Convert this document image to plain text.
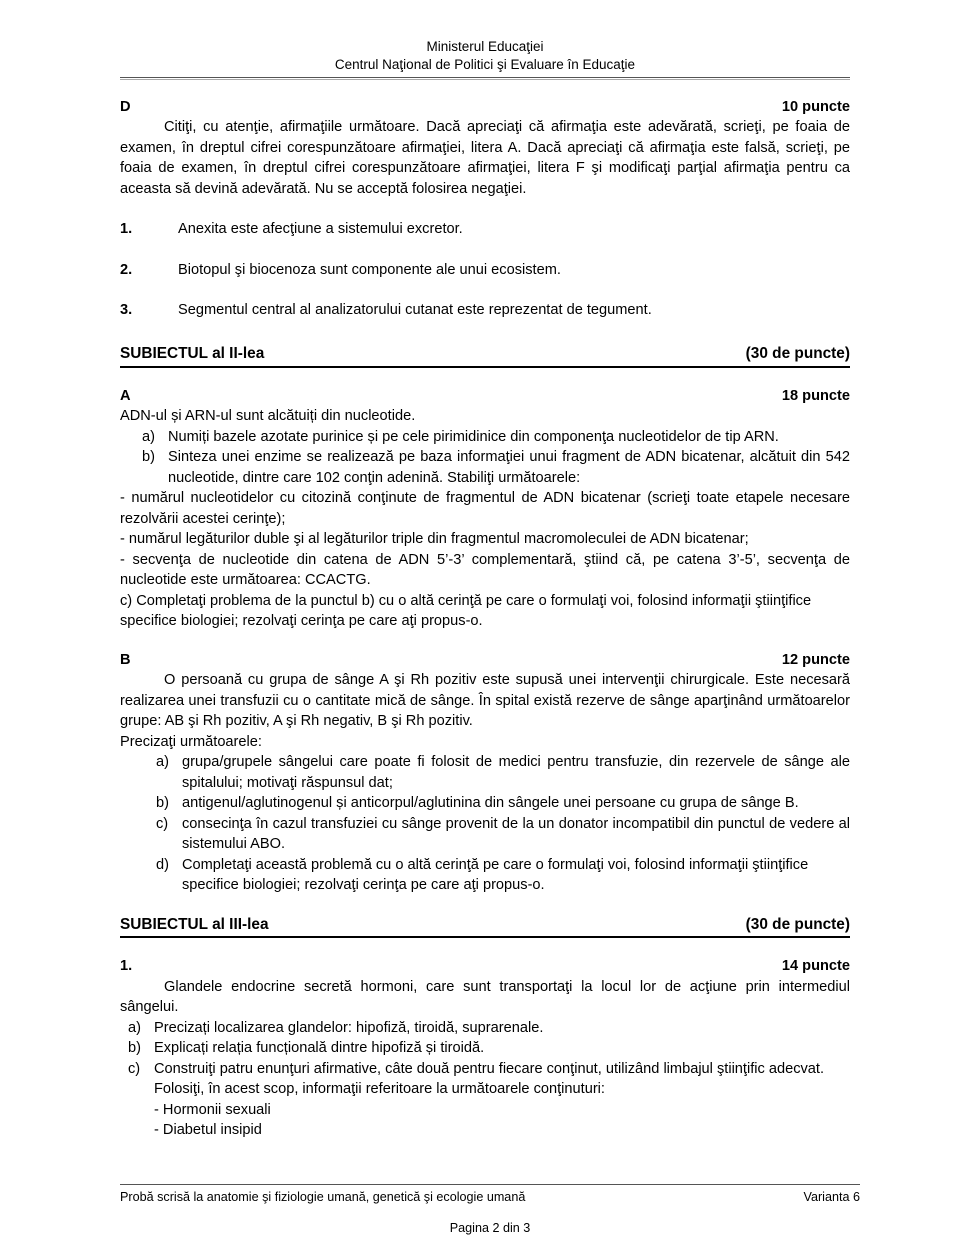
Ministerul Educaţiei
Centrul Naţional de Politici şi Evaluare în Educaţie
D	10 puncte

Citiţi, cu atenţie, afirmaţiile următoare. Dacă apreciaţi că afirmaţia este adevărată, scrieţi, pe foaia de examen, în dreptul cifrei corespunzătoare afirmaţiei, litera A. Dacă apreciaţi că afirmaţia este falsă, scrieţi, pe foaia de examen, în dreptul cifrei corespunzătoare afirmaţiei, litera F şi modificaţi parţial afirmaţia pentru ca aceasta să devină adevărată. Nu se acceptă folosirea negaţiei.

1.	Anexita este afecţiune a sistemului excretor.
2.	Biotopul şi biocenoza sunt componente ale unui ecosistem.
3.	Segmentul central al analizatorului cutanat este reprezentat de tegument.
SUBIECTUL al II-lea	(30 de puncte)
A	18 puncte

ADN-ul și ARN-ul sunt alcătuiți din nucleotide.

a) Numiți bazele azotate purinice și pe cele pirimidinice din componenţa nucleotidelor de tip ARN.
b) Sinteza unei enzime se realizează pe baza informaţiei unui fragment de ADN bicatenar, alcătuit din 542 nucleotide, dintre care 102 conţin adenină. Stabiliţi următoarele:

- numărul nucleotidelor cu citozină conţinute de fragmentul de ADN bicatenar (scrieţi toate etapele necesare rezolvării acestei cerinţe);

- numărul legăturilor duble şi al legăturilor triple din fragmentul macromoleculei de ADN bicatenar;

- secvenţa de nucleotide din catena de ADN 5’-3’ complementară, ştiind că, pe catena 3’-5’, secvenţa de nucleotide este următoarea: CCACTG.

c) Completaţi problema de la punctul b) cu o altă cerinţă pe care o formulaţi voi, folosind informaţii ştiinţifice specifice biologiei; rezolvaţi cerinţa pe care aţi propus-o.

B	12 puncte

O persoană cu grupa de sânge A şi Rh pozitiv este supusă unei intervenţii chirurgicale. Este necesară realizarea unei transfuzii cu o cantitate mică de sânge. În spital există rezerve de sânge aparţinând următoarelor grupe: AB şi Rh pozitiv, A şi Rh negativ, B şi Rh pozitiv.

Precizaţi următoarele:

a) grupa/grupele sângelui care poate fi folosit de medici pentru transfuzie, din rezervele de sânge ale spitalului; motivaţi răspunsul dat;
b) antigenul/aglutinogenul și anticorpul/aglutinina din sângele unei persoane cu grupa de sânge B.
c) consecinţa în cazul transfuziei cu sânge provenit de la un donator incompatibil din punctul de vedere al sistemului ABO.
d) Completaţi această problemă cu o altă cerinţă pe care o formulaţi voi, folosind informaţii ştiinţifice specifice biologiei; rezolvaţi cerinţa pe care aţi propus-o.
SUBIECTUL al III-lea	(30 de puncte)
1.	14 puncte

Glandele endocrine secretă hormoni, care sunt transportaţi la locul lor de acţiune prin intermediul sângelui.

a) Precizați localizarea glandelor: hipofiză, tiroidă, suprarenale.
b) Explicați relația funcțională dintre hipofiză și tiroidă.
c) Construiţi patru enunţuri afirmative, câte două pentru fiecare conţinut, utilizând limbajul ştiinţific adecvat.

Folosiţi, în acest scop, informaţii referitoare la următoarele conţinuturi:

- Hormonii sexuali

- Diabetul insipid

Probă scrisă la anatomie şi fiziologie umană, genetică şi ecologie umană	Varianta 6
Pagina 2 din 3
